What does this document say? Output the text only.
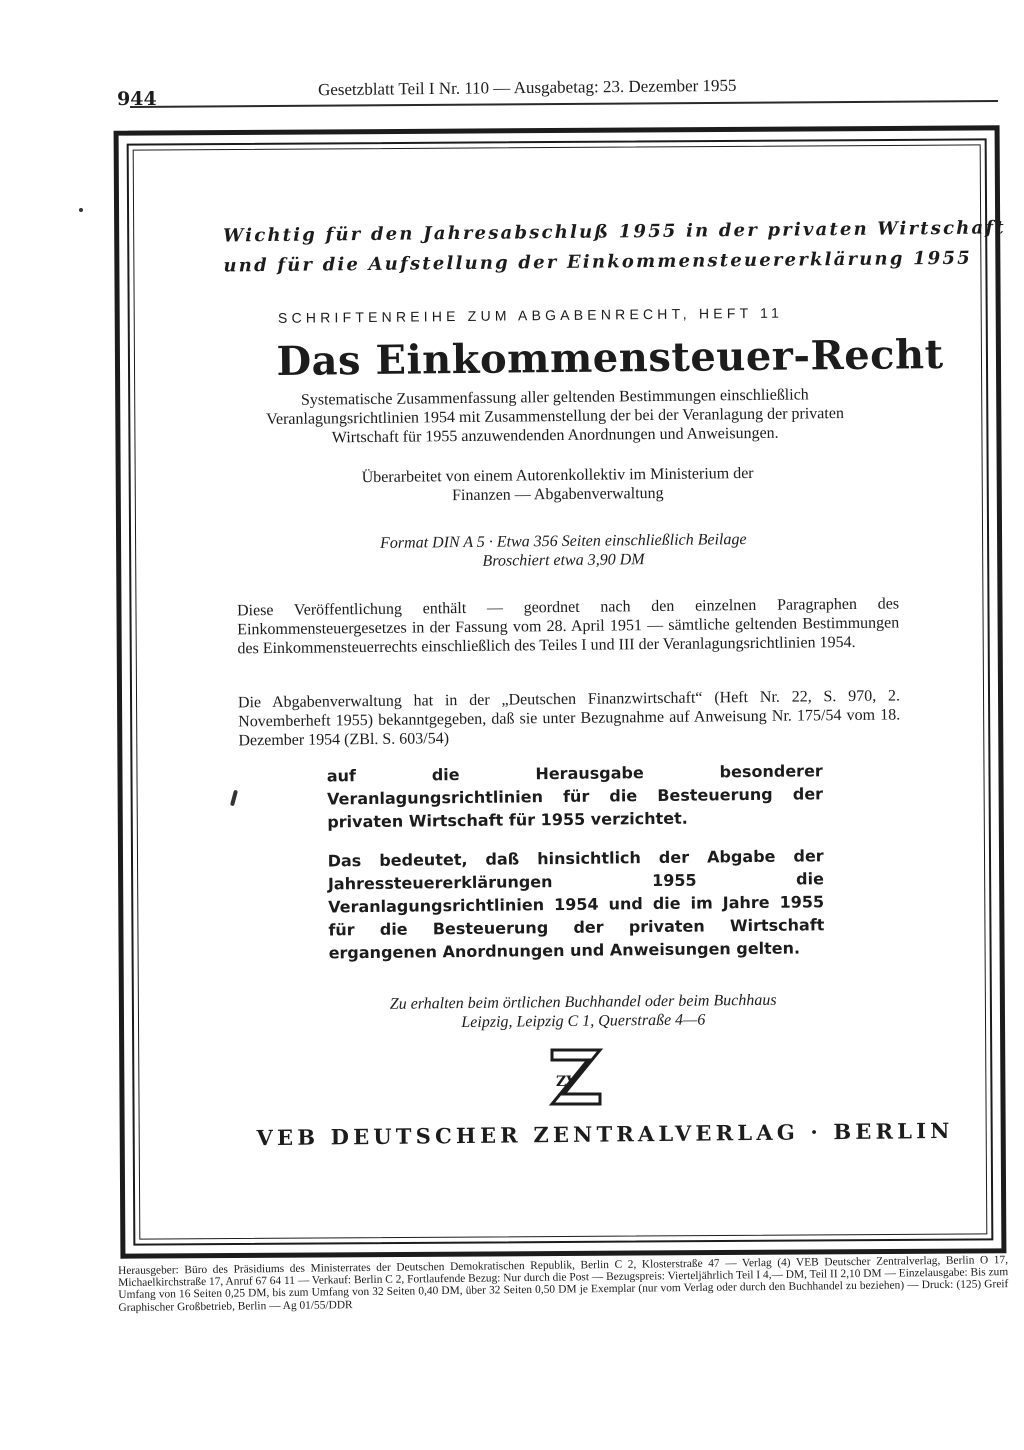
944	Gesetzblatt Teil I Nr. 110 — Ausgabetag: 23. Dezember 1955
Wichtig für den Jahresabschluß 1955 in der privaten Wirtschaft
und für die Aufstellung der Einkommensteuererklärung 1955
SCHRIFTENREIHE ZUM ABGABENRECHT, HEFT 11
Das Einkommensteuer-Recht
Systematische Zusammenfassung aller geltenden Bestimmungen einschließlich Veranlagungsrichtlinien 1954 mit Zusammenstellung der bei der Veranlagung der privaten Wirtschaft für 1955 anzuwendenden Anordnungen und Anweisungen.
Überarbeitet von einem Autorenkollektiv im Ministerium der
Finanzen — Abgabenverwaltung
Format DIN A 5 · Etwa 356 Seiten einschließlich Beilage
Broschiert etwa 3,90 DM
Diese Veröffentlichung enthält — geordnet nach den einzelnen Paragraphen des Einkommensteuergesetzes in der Fassung vom 28. April 1951 — sämtliche geltenden Bestimmungen des Einkommensteuerrechts einschließlich des Teiles I und III der Veranlagungsrichtlinien 1954.
Die Abgabenverwaltung hat in der „Deutschen Finanzwirtschaft“ (Heft Nr. 22, S. 970, 2. Novemberheft 1955) bekanntgegeben, daß sie unter Bezugnahme auf Anweisung Nr. 175/54 vom 18. Dezember 1954 (ZBl. S. 603/54)
auf die Herausgabe besonderer Veranlagungsrichtlinien für die Besteuerung der privaten Wirtschaft für 1955 verzichtet.
Das bedeutet, daß hinsichtlich der Abgabe der Jahressteuererklärungen 1955 die Veranlagungsrichtlinien 1954 und die im Jahre 1955 für die Besteuerung der privaten Wirtschaft ergangenen Anordnungen und Anweisungen gelten.
Zu erhalten beim örtlichen Buchhandel oder beim Buchhaus
Leipzig, Leipzig C 1, Querstraße 4—6
VEB DEUTSCHER ZENTRALVERLAG · BERLIN
ZV
Herausgeber: Büro des Präsidiums des Ministerrates der Deutschen Demokratischen Republik, Berlin C 2, Klosterstraße 47 — Verlag (4) VEB Deutscher Zentralverlag, Berlin O 17, Michaelkirchstraße 17, Anruf 67 64 11 — Verkauf: Berlin C 2, Fortlaufende Bezug: Nur durch die Post — Bezugspreis: Vierteljährlich Teil I 4,— DM, Teil II 2,10 DM — Einzelausgabe: Bis zum Umfang von 16 Seiten 0,25 DM, bis zum Umfang von 32 Seiten 0,40 DM, über 32 Seiten 0,50 DM je Exemplar (nur vom Verlag oder durch den Buchhandel zu beziehen) — Druck: (125) Greif Graphischer Großbetrieb, Berlin — Ag 01/55/DDR
